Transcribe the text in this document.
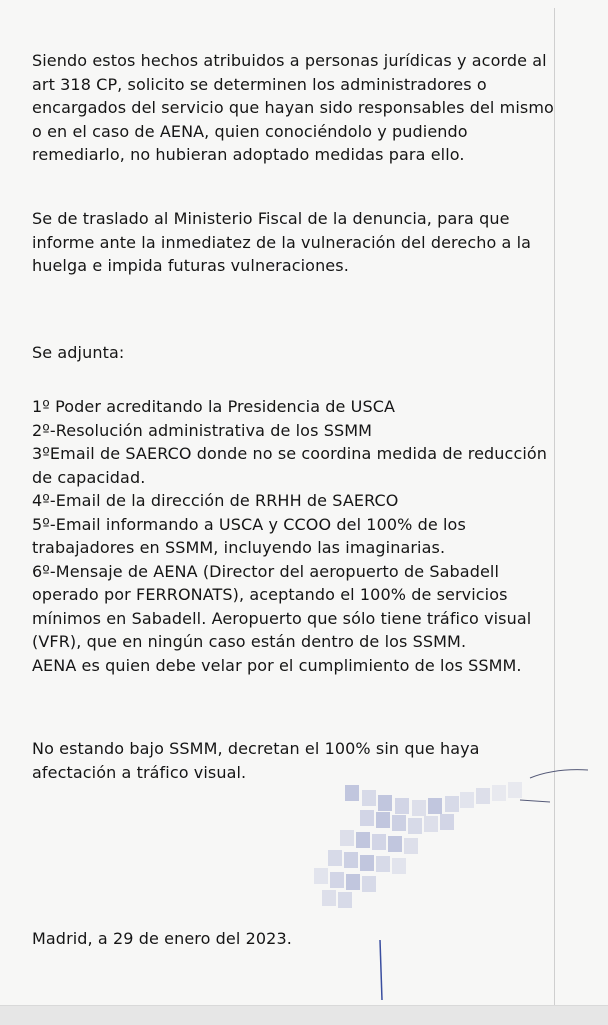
Siendo estos hechos atribuidos a personas jurídicas y acorde al
art 318 CP, solicito se determinen los administradores o
encargados del servicio que hayan sido responsables del mismo
o en el caso de AENA, quien conociéndolo y pudiendo
remediarlo, no hubieran adoptado medidas para ello.
Se de traslado al Ministerio Fiscal de la denuncia, para que
informe ante la inmediatez de la vulneración del derecho a la
huelga e impida futuras vulneraciones.
Se adjunta:
1º Poder acreditando la Presidencia de USCA
2º-Resolución administrativa de los SSMM
3ºEmail de SAERCO donde no se coordina medida de reducción
de capacidad.
4º-Email de la dirección de RRHH de SAERCO
5º-Email informando a USCA y CCOO del 100% de los
trabajadores en SSMM, incluyendo las imaginarias.
6º-Mensaje de AENA (Director del aeropuerto de Sabadell
operado por FERRONATS), aceptando el 100% de servicios
mínimos en Sabadell. Aeropuerto que sólo tiene tráfico visual
(VFR), que en ningún caso están dentro de los SSMM.
AENA es quien debe velar por el cumplimiento de los SSMM.
No estando bajo SSMM, decretan el 100% sin que haya
afectación a tráfico visual.
Madrid, a 29 de enero del 2023.
